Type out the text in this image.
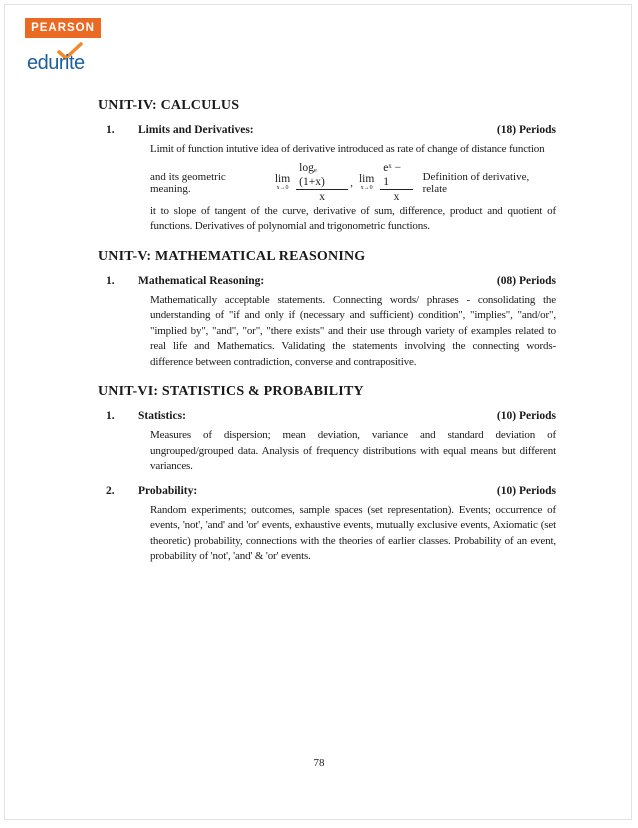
PEARSON
edurite
UNIT-IV: CALCULUS
1.	Limits and Derivatives:	(18) Periods
Limit of function intutive idea of derivative introduced as rate of change of distance function
and its geometric meaning.
lim
$x\to 0 \frac{\text{logₑ (1+x)}}{x}$ , lim
$x\to 0 \frac{\text{eˣ − 1}}{x}$ Definition of derivative, relate
it to slope of tangent of the curve, derivative of sum, difference, product and quotient of functions. Derivatives of polynomial and trigonometric functions.
UNIT-V: MATHEMATICAL REASONING
1.	Mathematical Reasoning:	(08) Periods
Mathematically acceptable statements. Connecting words/ phrases - consolidating the understanding of "if and only if (necessary and sufficient) condition", "implies", "and/or", "implied by", "and", "or", "there exists" and their use through variety of examples related to real life and Mathematics. Validating the statements involving the connecting words- difference between contradiction, converse and contrapositive.
UNIT-VI: STATISTICS & PROBABILITY
1.	Statistics:	(10) Periods
Measures of dispersion; mean deviation, variance and standard deviation of ungrouped/grouped data. Analysis of frequency distributions with equal means but different variances.
2.	Probability:	(10) Periods
Random experiments; outcomes, sample spaces (set representation). Events; occurrence of events, 'not', 'and' and 'or' events, exhaustive events, mutually exclusive events, Axiomatic (set theoretic) probability, connections with the theories of earlier classes. Probability of an event, probability of 'not', 'and' & 'or' events.
78
